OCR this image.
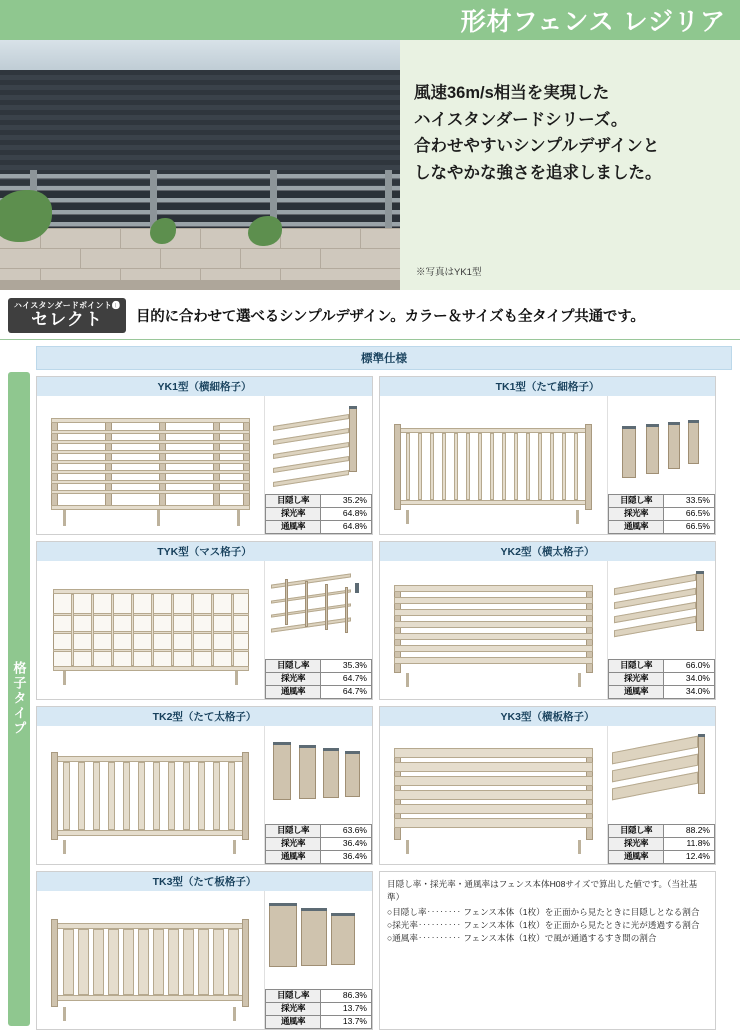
形材フェンス レジリア
風速36m/s相当を実現した
ハイスタンダードシリーズ。
合わせやすいシンプルデザインと
しなやかな強さを追求しました。
※写真はYK1型
ハイスタンダードポイント❶
セレクト	目的に合わせて選べるシンプルデザイン。カラー＆サイズも全タイプ共通です。
格子タイプ
標準仕様
YK1型（横細格子）
目隠し率	35.2%
採光率	64.8%
通風率	64.8%
TK1型（たて細格子）
目隠し率	33.5%
採光率	66.5%
通風率	66.5%
TYK型（マス格子）
目隠し率	35.3%
採光率	64.7%
通風率	64.7%
YK2型（横太格子）
目隠し率	66.0%
採光率	34.0%
通風率	34.0%
TK2型（たて太格子）
目隠し率	63.6%
採光率	36.4%
通風率	36.4%
YK3型（横板格子）
目隠し率	88.2%
採光率	11.8%
通風率	12.4%
TK3型（たて板格子）
目隠し率	86.3%
採光率	13.7%
通風率	13.7%
目隠し率・採光率・通風率はフェンス本体H08サイズで算出した値です。（当社基準）
○目隠し率‥‥‥‥ フェンス本体（1枚）を正面から見たときに目隠しとなる割合
○採光率‥‥‥‥‥ フェンス本体（1枚）を正面から見たときに光が透過する割合
○通風率‥‥‥‥‥ フェンス本体（1枚）で風が通過するすき間の割合
